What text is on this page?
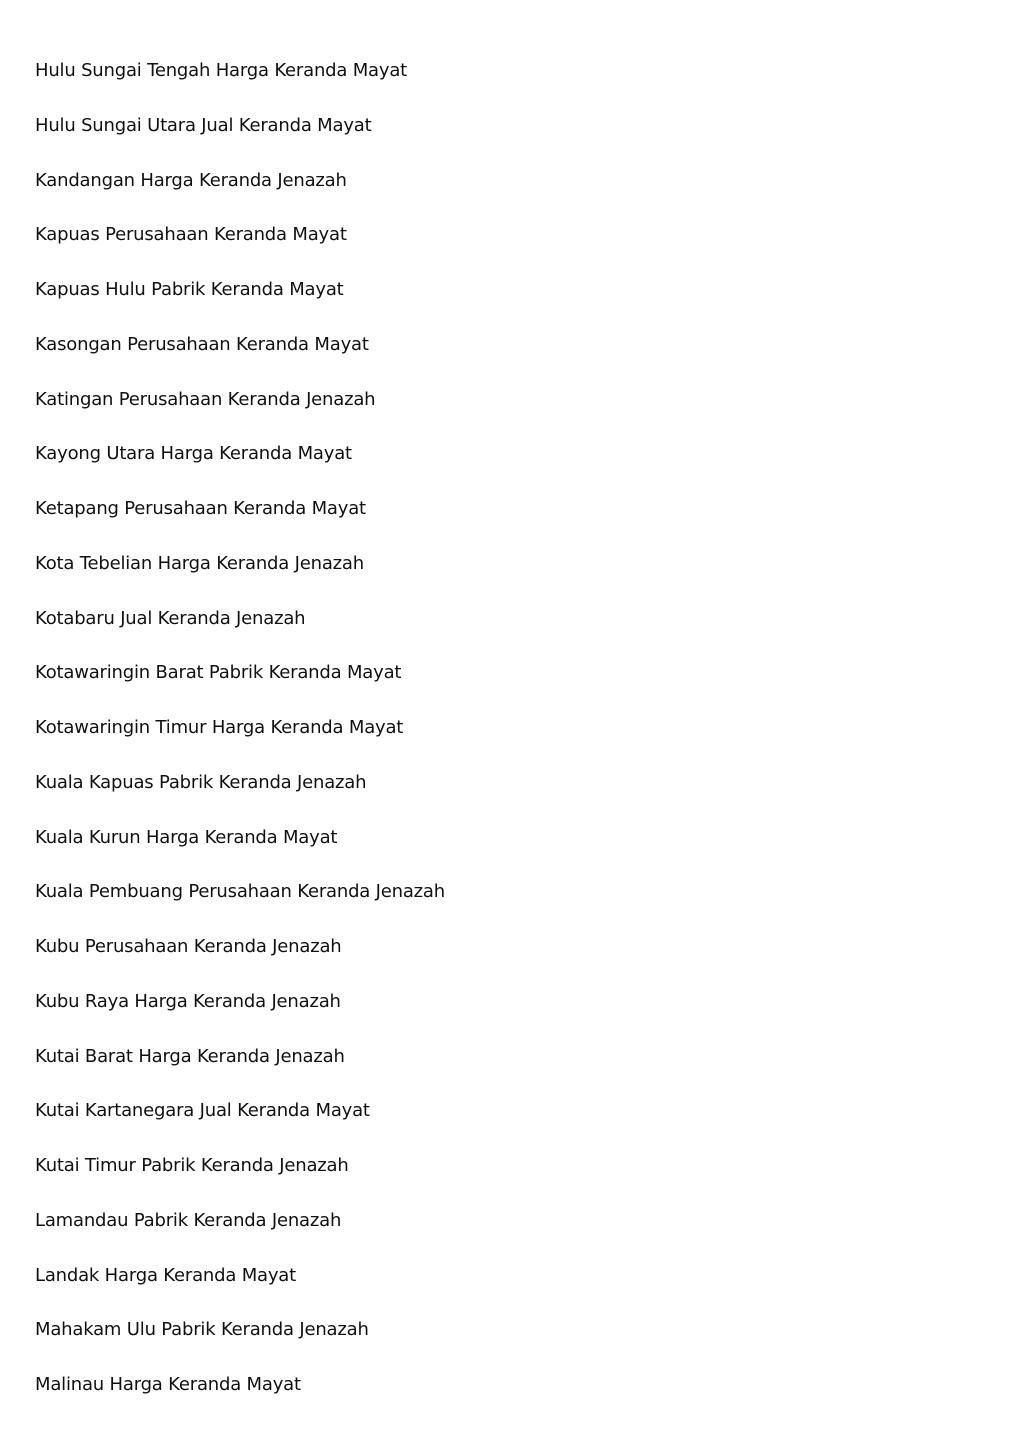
Hulu Sungai Tengah Harga Keranda Mayat
Hulu Sungai Utara Jual Keranda Mayat
Kandangan Harga Keranda Jenazah
Kapuas Perusahaan Keranda Mayat
Kapuas Hulu Pabrik Keranda Mayat
Kasongan Perusahaan Keranda Mayat
Katingan Perusahaan Keranda Jenazah
Kayong Utara Harga Keranda Mayat
Ketapang Perusahaan Keranda Mayat
Kota Tebelian Harga Keranda Jenazah
Kotabaru Jual Keranda Jenazah
Kotawaringin Barat Pabrik Keranda Mayat
Kotawaringin Timur Harga Keranda Mayat
Kuala Kapuas Pabrik Keranda Jenazah
Kuala Kurun Harga Keranda Mayat
Kuala Pembuang Perusahaan Keranda Jenazah
Kubu Perusahaan Keranda Jenazah
Kubu Raya Harga Keranda Jenazah
Kutai Barat Harga Keranda Jenazah
Kutai Kartanegara Jual Keranda Mayat
Kutai Timur Pabrik Keranda Jenazah
Lamandau Pabrik Keranda Jenazah
Landak Harga Keranda Mayat
Mahakam Ulu Pabrik Keranda Jenazah
Malinau Harga Keranda Mayat
